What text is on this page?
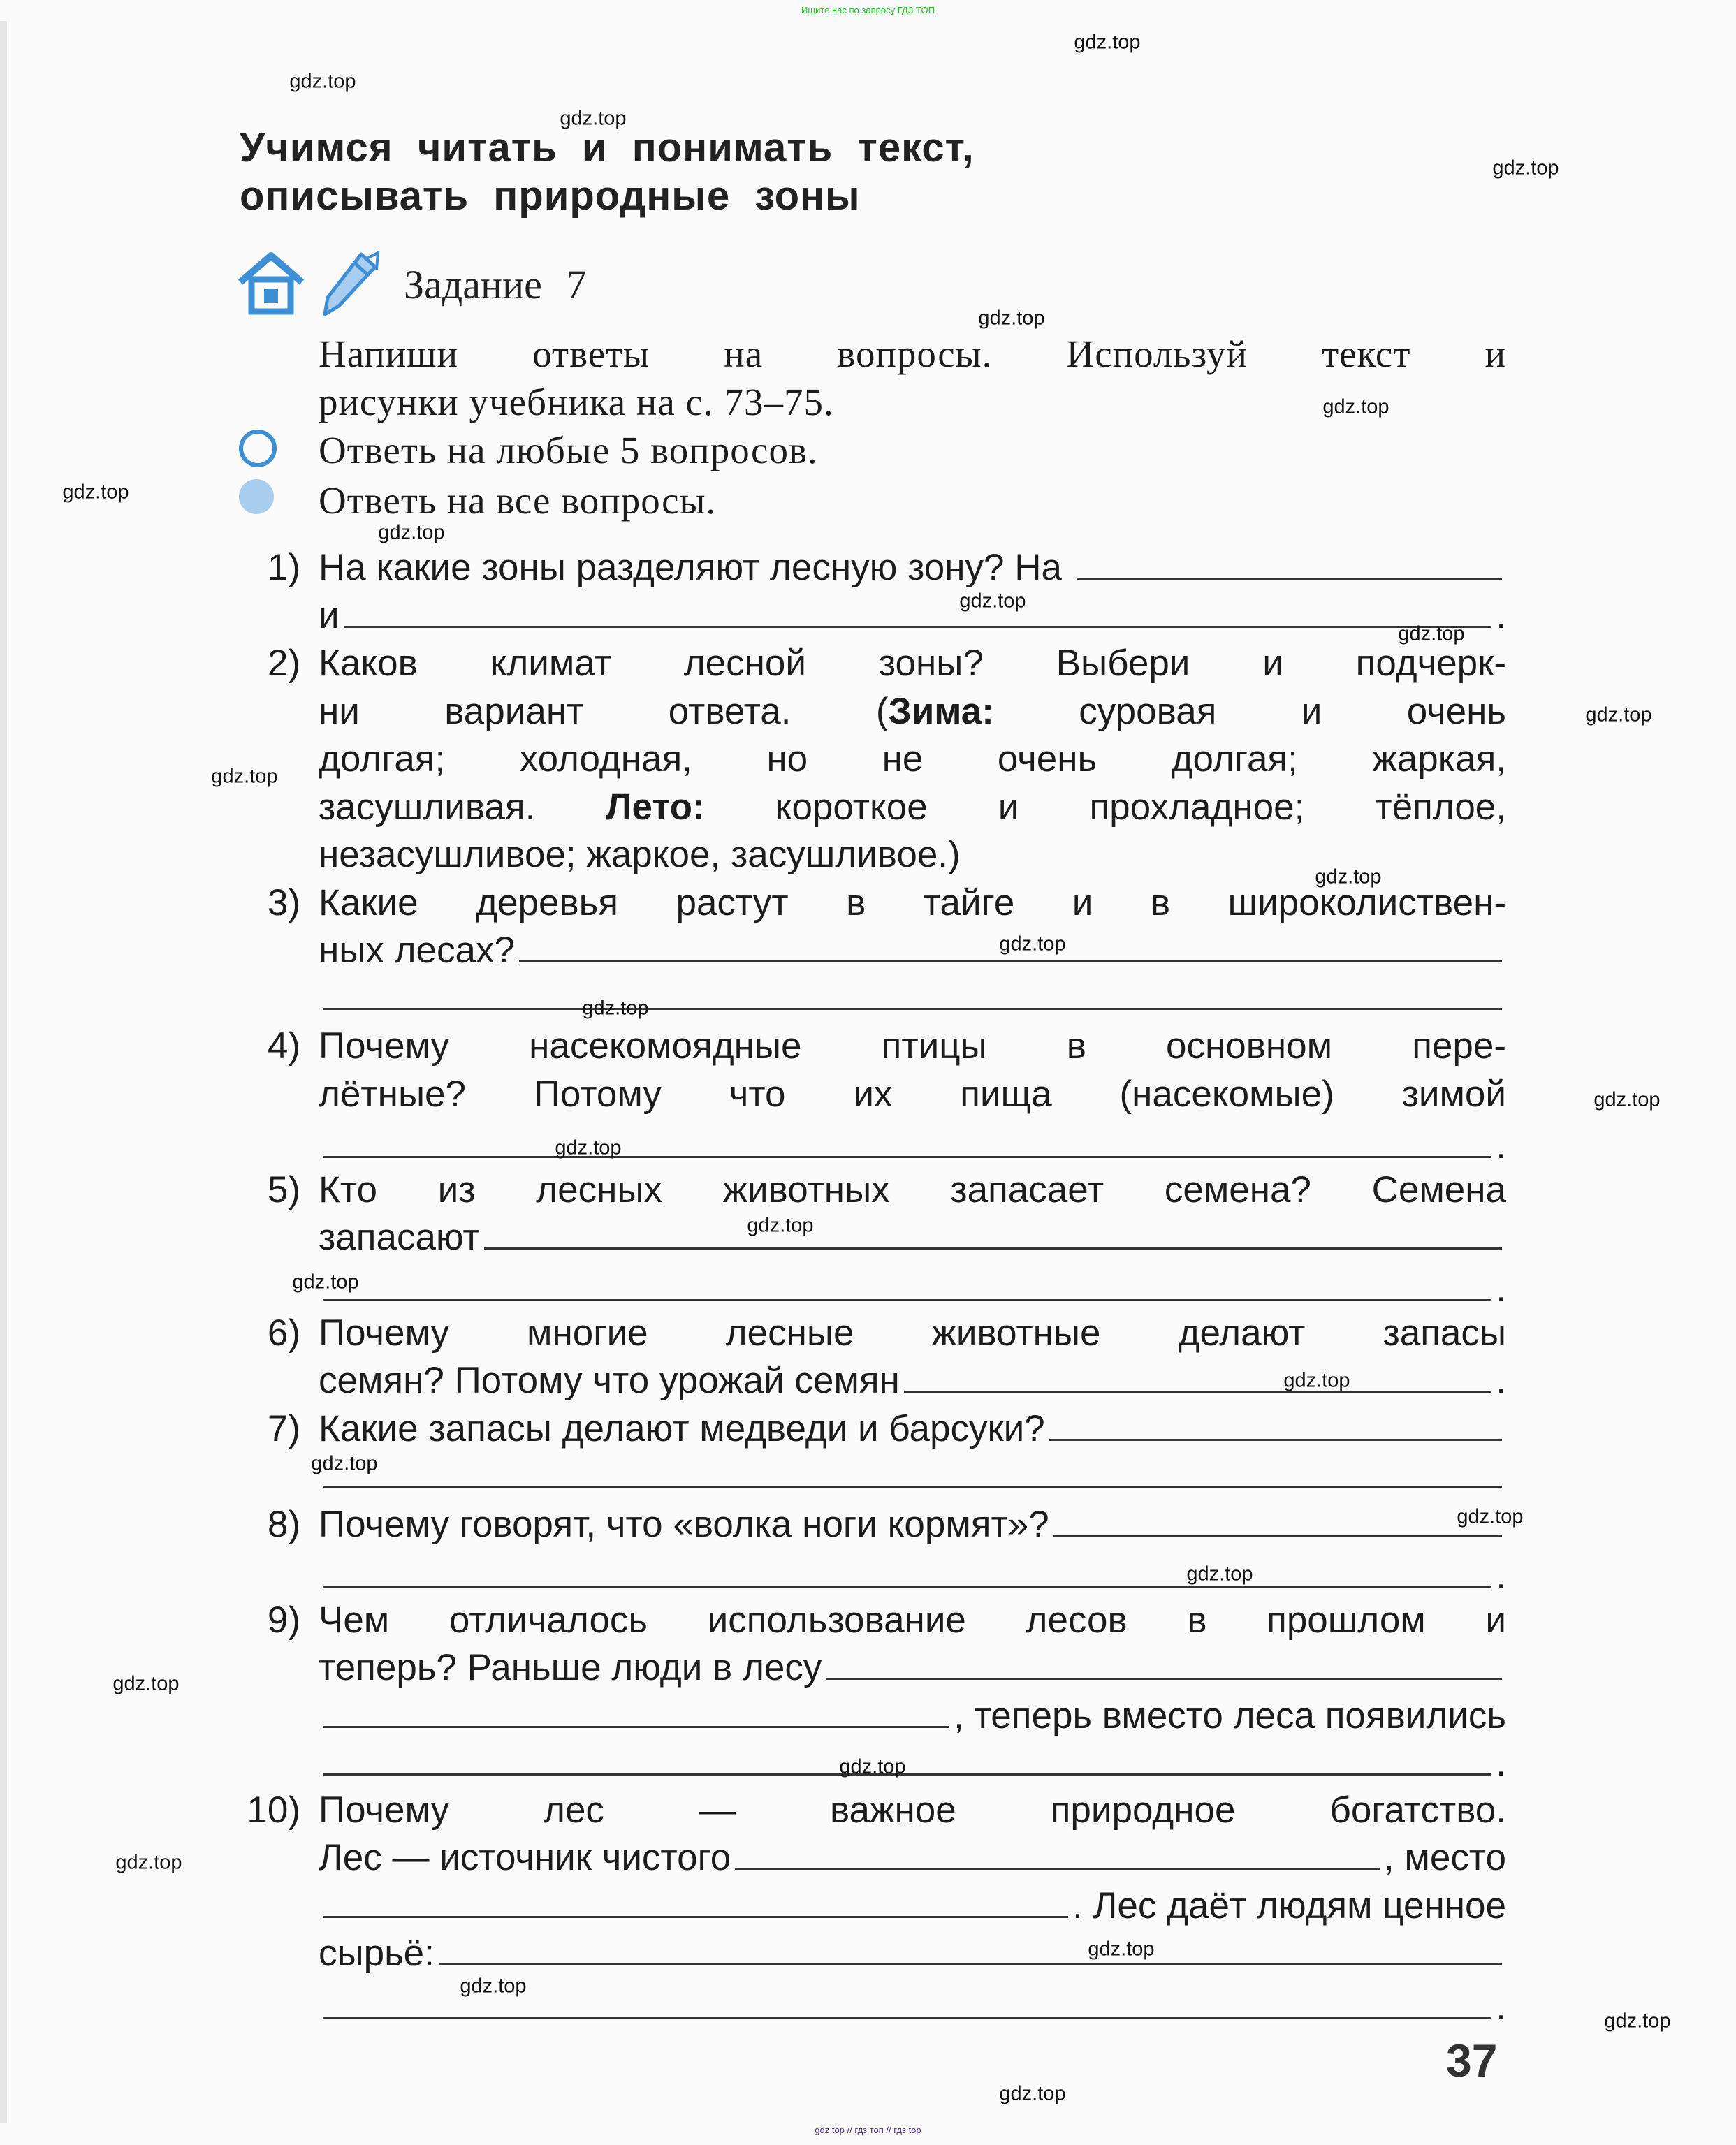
Ищите нас по запросу ГДЗ ТОП
Учимся читать и понимать текст,
описывать природные зоны
Задание 7
Напиши ответы на вопросы. Используй текст и
рисунки учебника на с. 73–75.
Ответь на любые 5 вопросов.
Ответь на все вопросы.
1) На какие зоны разделяют лесную зону? На
и	.
2) Каков климат лесной зоны? Выбери и подчерк-
ни вариант ответа. (Зима: суровая и очень
долгая; холодная, но не очень долгая; жаркая,
засушливая. Лето: короткое и прохладное; тёплое,
незасушливое; жаркое, засушливое.)
3) Какие деревья растут в тайге и в широколиствен-
ных лесах?
4) Почему насекомоядные птицы в основном пере-
лётные? Потому что их пища (насекомые) зимой
.
5) Кто из лесных животных запасает семена? Семена
запасают
.
6) Почему многие лесные животные делают запасы
семян? Потому что урожай семян	.
7) Какие запасы делают медведи и барсуки?
8) Почему говорят, что «волка ноги кормят»?
.
9) Чем отличалось использование лесов в прошлом и
теперь? Раньше люди в лесу
, теперь вместо леса появились
.
10) Почему лес — важное природное богатство.
Лес — источник чистого	, место
. Лес даёт людям ценное
сырьё:
.
37
gdz.top
gdz.top
gdz.top
gdz.top
gdz.top
gdz.top
gdz.top
gdz.top
gdz.top
gdz.top
gdz.top
gdz.top
gdz.top
gdz.top
gdz.top
gdz.top
gdz.top
gdz.top
gdz.top
gdz.top
gdz.top
gdz.top
gdz.top
gdz.top
gdz.top
gdz.top
gdz.top
gdz.top
gdz.top
gdz.top
gdz top // гдз топ // гдз top
